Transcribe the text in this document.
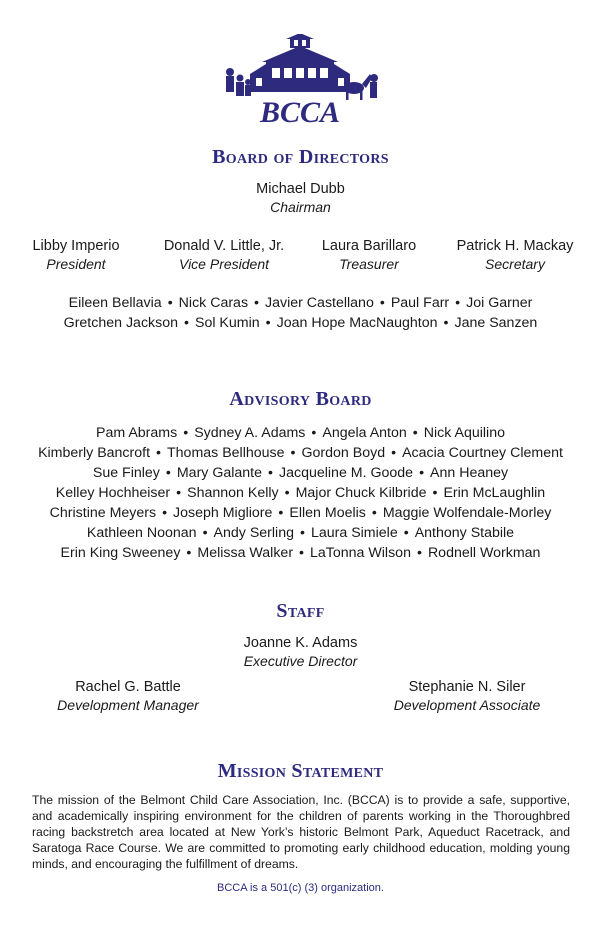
BCCA
Board of Directors
Michael Dubb
Chairman
Libby Imperio
President
Donald V. Little, Jr.
Vice President
Laura Barillaro
Treasurer
Patrick H. Mackay
Secretary
Eileen Bellavia • Nick Caras • Javier Castellano • Paul Farr • Joi Garner
Gretchen Jackson • Sol Kumin • Joan Hope MacNaughton • Jane Sanzen
Advisory Board
Pam Abrams • Sydney A. Adams • Angela Anton • Nick Aquilino
Kimberly Bancroft • Thomas Bellhouse • Gordon Boyd • Acacia Courtney Clement
Sue Finley • Mary Galante • Jacqueline M. Goode • Ann Heaney
Kelley Hochheiser • Shannon Kelly • Major Chuck Kilbride • Erin McLaughlin
Christine Meyers • Joseph Migliore • Ellen Moelis • Maggie Wolfendale-Morley
Kathleen Noonan • Andy Serling • Laura Simiele • Anthony Stabile
Erin King Sweeney • Melissa Walker • LaTonna Wilson • Rodnell Workman
Staff
Joanne K. Adams
Executive Director
Rachel G. Battle
Development Manager
Stephanie N. Siler
Development Associate
Mission Statement
The mission of the Belmont Child Care Association, Inc. (BCCA) is to provide a safe, supportive, and academically inspiring environment for the children of parents working in the Thoroughbred racing backstretch area located at New York’s historic Belmont Park, Aqueduct Racetrack, and Saratoga Race Course. We are committed to promoting early childhood education, molding young minds, and encouraging the fulfillment of dreams.
BCCA is a 501(c) (3) organization.
